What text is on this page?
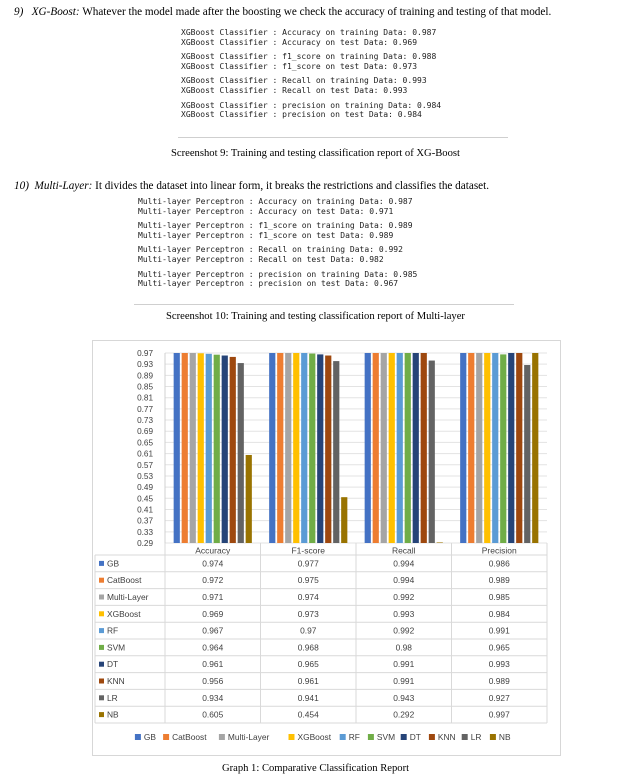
9) XG-Boost: Whatever the model made after the boosting we check the accuracy of training and testing of that model.
XGBoost Classifier : Accuracy on training Data: 0.987
XGBoost Classifier : Accuracy on test Data: 0.969
XGBoost Classifier : f1_score on training Data: 0.988
XGBoost Classifier : f1_score on test Data: 0.973
XGBoost Classifier : Recall on training Data: 0.993
XGBoost Classifier : Recall on test Data: 0.993
XGBoost Classifier : precision on training Data: 0.984
XGBoost Classifier : precision on test Data: 0.984
Screenshot 9: Training and testing classification report of XG-Boost
10) Multi-Layer: It divides the dataset into linear form, it breaks the restrictions and classifies the dataset.
Multi-layer Perceptron : Accuracy on training Data: 0.987
Multi-layer Perceptron : Accuracy on test Data: 0.971
Multi-layer Perceptron : f1_score on training Data: 0.989
Multi-layer Perceptron : f1_score on test Data: 0.989
Multi-layer Perceptron : Recall on training Data: 0.992
Multi-layer Perceptron : Recall on test Data: 0.982
Multi-layer Perceptron : precision on training Data: 0.985
Multi-layer Perceptron : precision on test Data: 0.967
Screenshot 10: Training and testing classification report of Multi-layer
0.97
0.93
0.89
0.85
0.81
0.77
0.73
0.69
0.65
0.61
0.57
0.53
0.49
0.45
0.41
0.37
0.33
0.29
Accuracy	F1-score	Recall	Precision
GB	0.974	0.977	0.994	0.986
CatBoost	0.972	0.975	0.994	0.989
Multi-Layer	0.971	0.974	0.992	0.985
XGBoost	0.969	0.973	0.993	0.984
RF	0.967	0.97	0.992	0.991
SVM	0.964	0.968	0.98	0.965
DT	0.961	0.965	0.991	0.993
KNN	0.956	0.961	0.991	0.989
LR	0.934	0.941	0.943	0.927
NB	0.605	0.454	0.292	0.997
GB CatBoost	Multi-Layer	XGBoost RF SVM DT KNN LR NB
Graph 1: Comparative Classification Report
